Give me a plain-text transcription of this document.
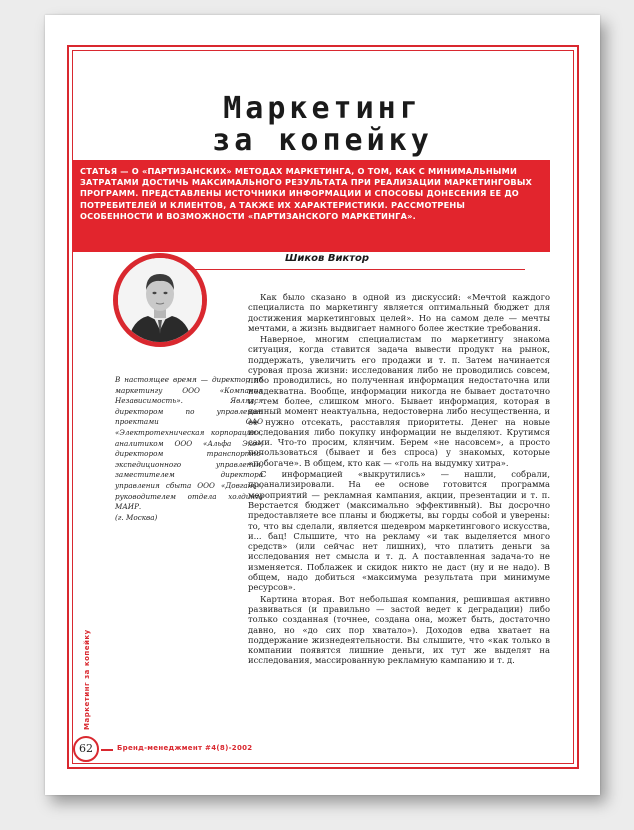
Маркетинг
за копейку
СТАТЬЯ — О «ПАРТИЗАНСКИХ» МЕТОДАХ МАРКЕТИНГА, О ТОМ, КАК С МИНИМАЛЬНЫМИ ЗАТРАТАМИ ДОСТИЧЬ МАКСИМАЛЬНОГО РЕЗУЛЬТАТА ПРИ РЕАЛИЗАЦИИ МАРКЕТИНГОВЫХ ПРОГРАММ. ПРЕДСТАВЛЕНЫ ИСТОЧНИКИ ИНФОРМАЦИИ И СПОСОБЫ ДОНЕСЕНИЯ ЕЕ ДО ПОТРЕБИТЕЛЕЙ И КЛИЕНТОВ, А ТАКЖЕ ИХ ХАРАКТЕРИСТИКИ. РАССМОТРЕНЫ ОСОБЕННОСТИ И ВОЗМОЖНОСТИ «ПАРТИЗАНСКОГО МАРКЕТИНГА».
Шиков Виктор

В настоящее время — директор по маркетингу ООО «Компания Независимость». Являлся директором по управлению проектами ОАО «Электротехническая корпорация», аналитиком ООО «Альфа Эко», директором транспортно-экспедиционного управления, заместителем директора управления сбыта ООО «Довгань», руководителем отдела холдинга МАИР.

(г. Москва)

Как было сказано в одной из дискуссий: «Мечтой каждого специалиста по маркетингу является оптимальный бюджет для достижения маркетинговых целей». Но на самом деле — мечты мечтами, а жизнь выдвигает намного более жесткие требования.

Наверное, многим специалистам по маркетингу знакома ситуация, когда ставится задача вывести продукт на рынок, поддержать, увеличить его продажи и т. п. Затем начинается суровая проза жизни: исследования либо не проводились совсем, либо проводились, но полученная информация недостаточна или неадекватна. Вообще, информации никогда не бывает достаточно и, тем более, слишком много. Бывает информация, которая в данный момент неактуальна, недостоверна либо несущественна, и ее нужно отсекать, расставляя приоритеты. Денег на новые исследования либо покупку информации не выделяют. Крутимся сами. Что-то просим, клянчим. Берем «не насовсем», а просто попользоваться (бывает и без спроса) у знакомых, которые «побогаче». В общем, кто как — «голь на выдумку хитра».

С информацией «выкрутились» — нашли, собрали, проанализировали. На ее основе готовится программа мероприятий — рекламная кампания, акции, презентации и т. п. Верстается бюджет (максимально эффективный). Вы досрочно предоставляете все планы и бюджеты, вы горды собой и уверены: то, что вы сделали, является шедевром маркетингового искусства, и... бац! Слышите, что на рекламу «и так выделяется много средств» (или сейчас нет лишних), что платить деньги за исследования нет смысла и т. д. А поставленная задача-то не изменяется. Поблажек и скидок никто не даст (ну и не надо). В общем, надо добиться «максимума результата при минимуме ресурсов».

Картина вторая. Вот небольшая компания, решившая активно развиваться (и правильно — застой ведет к деградации) либо только созданная (точнее, создана она, может быть, достаточно давно, но «до сих пор хватало»). Доходов едва хватает на поддержание жизнедеятельности. Вы слышите, что «как только в компании появятся лишние деньги, их тут же выделят на исследования, массированную рекламную кампанию и т. д.

Маркетинг за копейку
62	Бренд-менеджмент #4(8)-2002
